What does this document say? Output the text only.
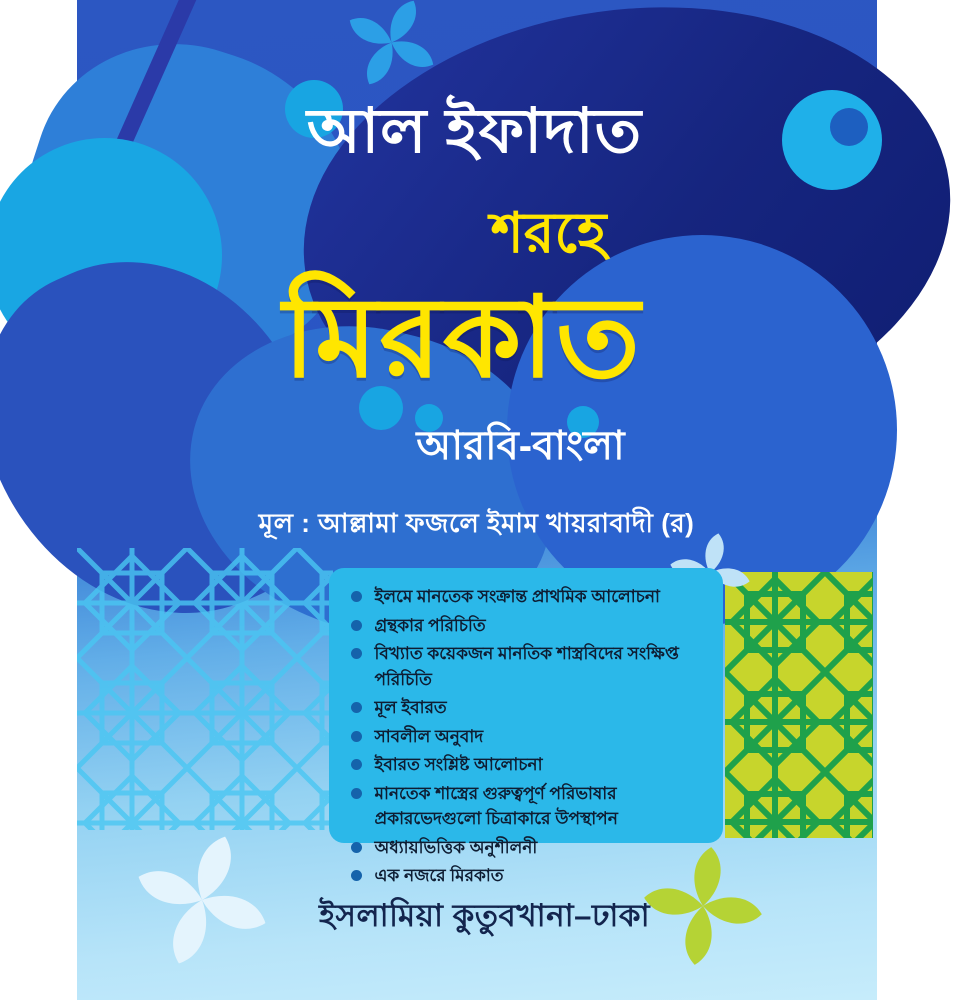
আল ইফাদাত
শরহে
মিরকাত
আরবি-বাংলা
মূল : আল্লামা ফজলে ইমাম খায়রাবাদী (র)
ইলমে মানতেক সংক্রান্ত প্রাথমিক আলোচনা
গ্রন্থকার পরিচিতি
বিখ্যাত কয়েকজন মানতিক শাস্ত্রবিদের সংক্ষিপ্ত পরিচিতি
মূল ইবারত
সাবলীল অনুবাদ
ইবারত সংশ্লিষ্ট আলোচনা
মানতেক শাস্ত্রের গুরুত্বপূর্ণ পরিভাষার প্রকারভেদগুলো চিত্রাকারে উপস্থাপন
অধ্যায়ভিত্তিক অনুশীলনী
এক নজরে মিরকাত
ইসলামিয়া কুতুবখানা–ঢাকা
